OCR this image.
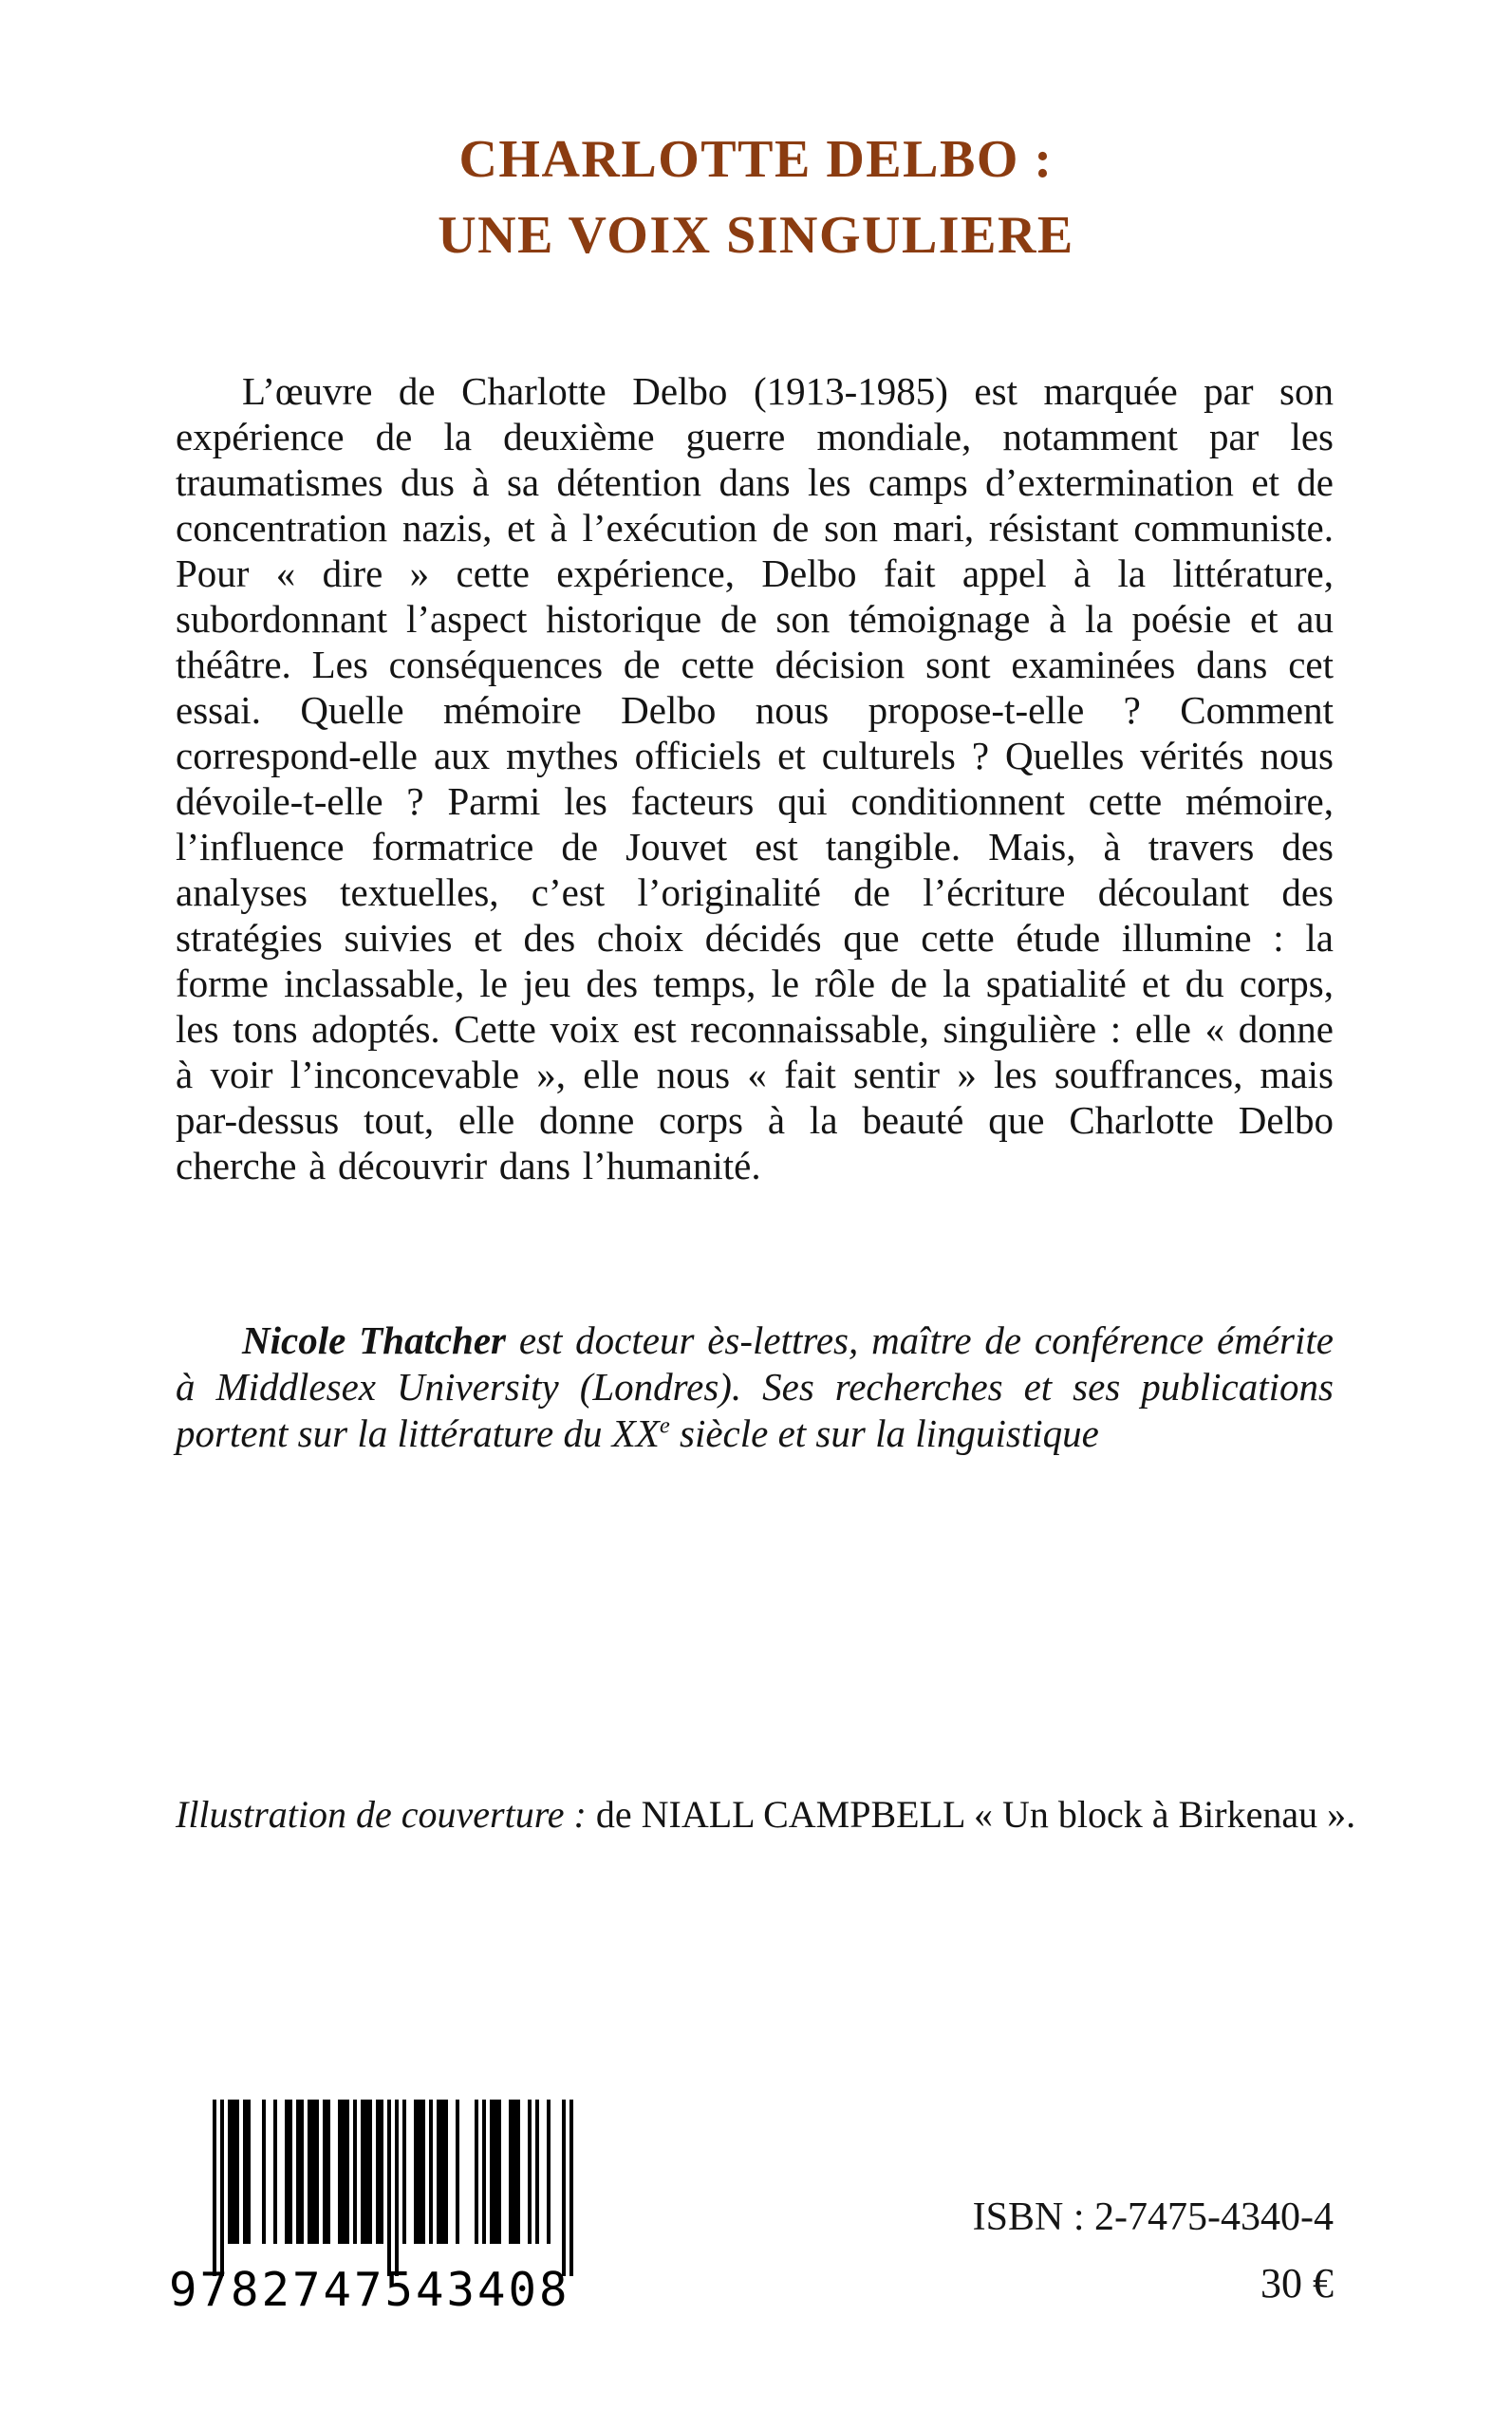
CHARLOTTE DELBO :
UNE VOIX SINGULIERE

L’œuvre de Charlotte Delbo (1913-1985) est marquée par son expérience de la deuxième guerre mondiale, notamment par les traumatismes dus à sa détention dans les camps d’extermination et de concentration nazis, et à l’exécution de son mari, résistant communiste. Pour « dire » cette expérience, Delbo fait appel à la littérature, subordonnant l’aspect historique de son témoignage à la poésie et au théâtre. Les conséquences de cette décision sont examinées dans cet essai. Quelle mémoire Delbo nous propose-t-elle ? Comment correspond-elle aux mythes officiels et culturels ? Quelles vérités nous dévoile-t-elle ? Parmi les facteurs qui conditionnent cette mémoire, l’influence formatrice de Jouvet est tangible. Mais, à travers des analyses textuelles, c’est l’originalité de l’écriture découlant des stratégies suivies et des choix décidés que cette étude illumine : la forme inclassable, le jeu des temps, le rôle de la spatialité et du corps, les tons adoptés. Cette voix est reconnaissable, singulière : elle « donne à voir l’inconcevable », elle nous « fait sentir » les souffrances, mais par-dessus tout, elle donne corps à la beauté que Charlotte Delbo cherche à découvrir dans l’humanité.

Nicole Thatcher est docteur ès-lettres, maître de conférence émérite à Middlesex University (Londres). Ses recherches et ses publications portent sur la littérature du XXe siècle et sur la linguistique

Illustration de couverture : de NIALL CAMPBELL « Un block à Birkenau ».

9782747543408
ISBN : 2-7475-4340-4
30 €
